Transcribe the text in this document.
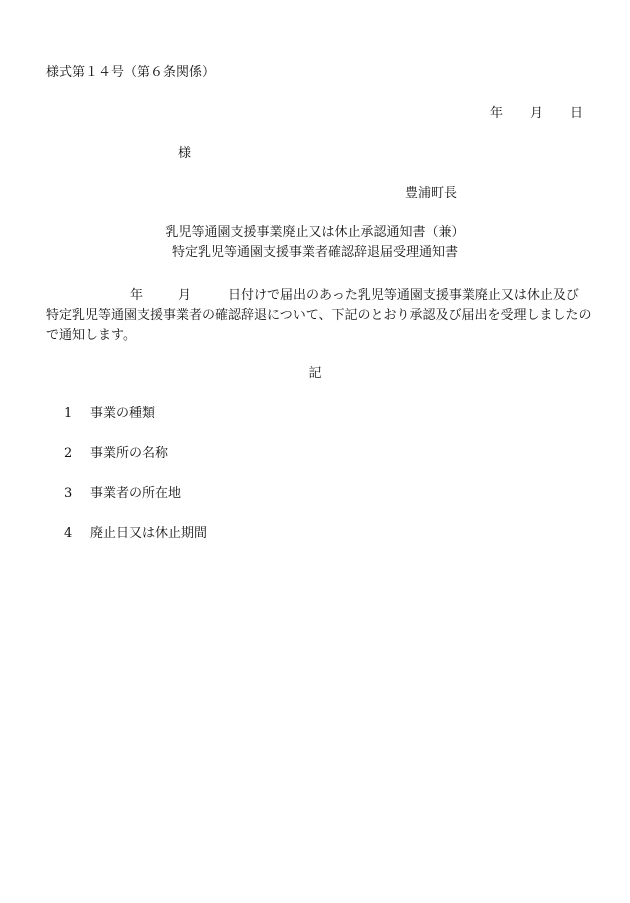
様式第１４号（第６条関係）
年 月 日
様
豊浦町長
乳児等通園支援事業廃止又は休止承認通知書（兼）
特定乳児等通園支援事業者確認辞退届受理通知書
年	月	日付けで届出のあった乳児等通園支援事業廃止又は休止及び
特定乳児等通園支援事業者の確認辞退について、下記のとおり承認及び届出を受理しましたの
で通知します。
記
1 事業の種類
2 事業所の名称
3 事業者の所在地
4 廃止日又は休止期間
